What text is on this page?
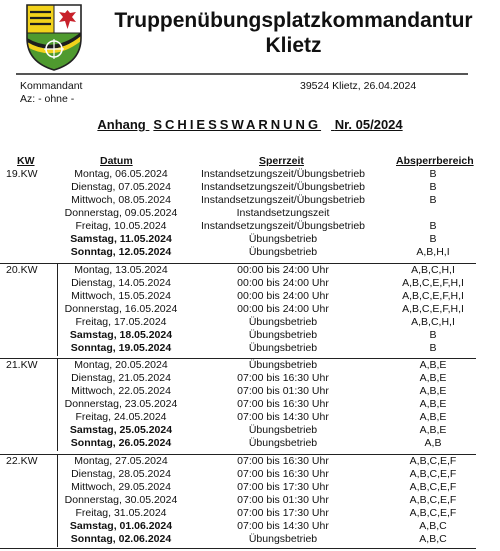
Truppenübungsplatzkommandantur
Klietz
Kommandant	39524 Klietz, 26.04.2024
Az: - ohne -
Anhang SCHIESSWARNUNG Nr. 05/2024
KW	Datum	Sperrzeit	Absperrbereich
19.KW	Montag, 06.05.2024	Instandsetzungszeit/Übungsbetrieb	B
Dienstag, 07.05.2024	Instandsetzungszeit/Übungsbetrieb	B
Mittwoch, 08.05.2024	Instandsetzungszeit/Übungsbetrieb	B
Donnerstag, 09.05.2024	Instandsetzungszeit
Freitag, 10.05.2024	Instandsetzungszeit/Übungsbetrieb	B
Samstag, 11.05.2024	Übungsbetrieb	B
Sonntag, 12.05.2024	Übungsbetrieb	A,B,H,I
20.KW	Montag, 13.05.2024	00:00 bis 24:00 Uhr	A,B,C,H,I
Dienstag, 14.05.2024	00:00 bis 24:00 Uhr	A,B,C,E,F,H,I
Mittwoch, 15.05.2024	00:00 bis 24:00 Uhr	A,B,C,E,F,H,I
Donnerstag, 16.05.2024	00:00 bis 24:00 Uhr	A,B,C,E,F,H,I
Freitag, 17.05.2024	Übungsbetrieb	A,B,C,H,I
Samstag, 18.05.2024	Übungsbetrieb	B
Sonntag, 19.05.2024	Übungsbetrieb	B
21.KW	Montag, 20.05.2024	Übungsbetrieb	A,B,E
Dienstag, 21.05.2024	07:00 bis 16:30 Uhr	A,B,E
Mittwoch, 22.05.2024	07:00 bis 01:30 Uhr	A,B,E
Donnerstag, 23.05.2024	07:00 bis 16:30 Uhr	A,B,E
Freitag, 24.05.2024	07:00 bis 14:30 Uhr	A,B,E
Samstag, 25.05.2024	Übungsbetrieb	A,B,E
Sonntag, 26.05.2024	Übungsbetrieb	A,B
22.KW	Montag, 27.05.2024	07:00 bis 16:30 Uhr	A,B,C,E,F
Dienstag, 28.05.2024	07:00 bis 16:30 Uhr	A,B,C,E,F
Mittwoch, 29.05.2024	07:00 bis 17:30 Uhr	A,B,C,E,F
Donnerstag, 30.05.2024	07:00 bis 01:30 Uhr	A,B,C,E,F
Freitag, 31.05.2024	07:00 bis 17:30 Uhr	A,B,C,E,F
Samstag, 01.06.2024	07:00 bis 14:30 Uhr	A,B,C
Sonntag, 02.06.2024	Übungsbetrieb	A,B,C
